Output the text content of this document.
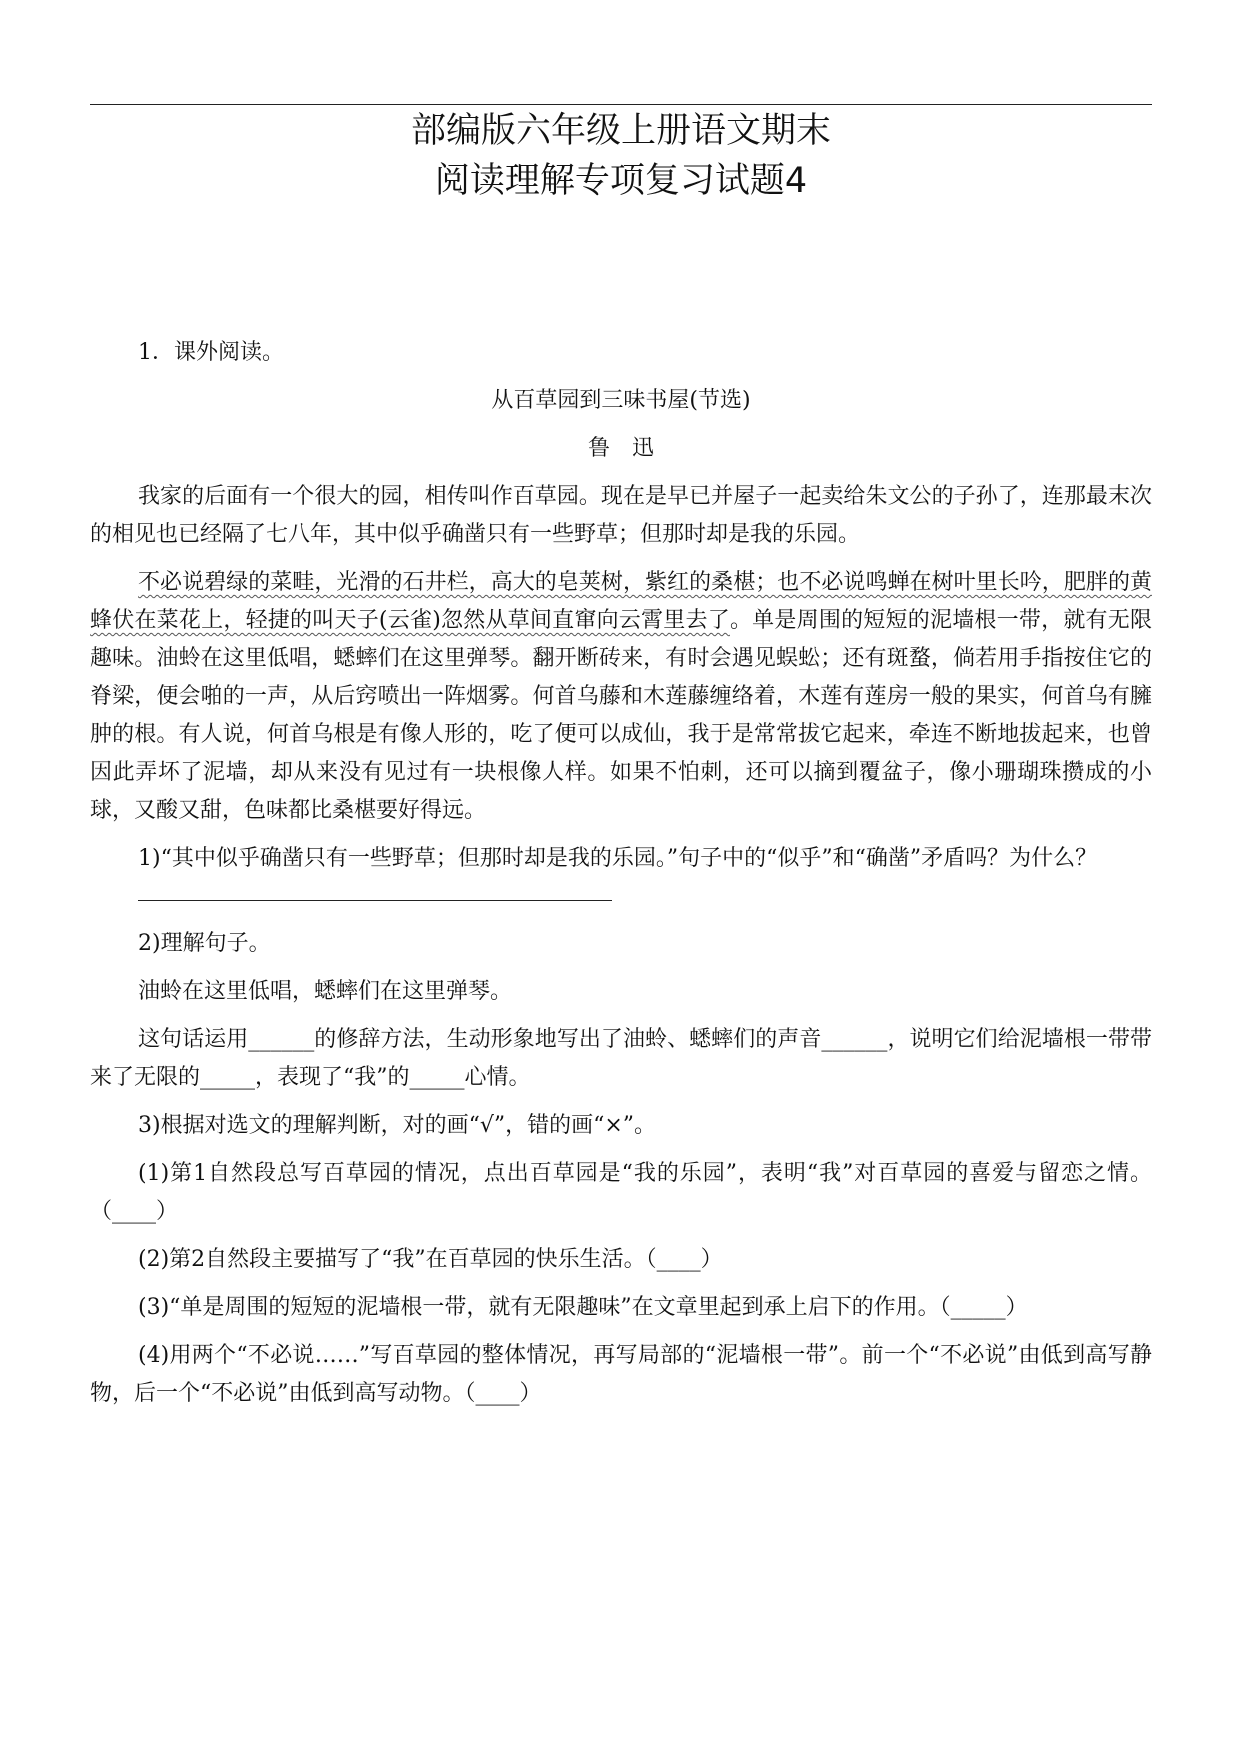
部编版六年级上册语文期末
阅读理解专项复习试题4

1．课外阅读。

从百草园到三味书屋(节选)

鲁　迅

我家的后面有一个很大的园，相传叫作百草园。现在是早已并屋子一起卖给朱文公的子孙了，连那最末次的相见也已经隔了七八年，其中似乎确凿只有一些野草；但那时却是我的乐园。

不必说碧绿的菜畦，光滑的石井栏，高大的皂荚树，紫红的桑椹；也不必说鸣蝉在树叶里长吟，肥胖的黄蜂伏在菜花上，轻捷的叫天子(云雀)忽然从草间直窜向云霄里去了。单是周围的短短的泥墙根一带，就有无限趣味。油蛉在这里低唱，蟋蟀们在这里弹琴。翻开断砖来，有时会遇见蜈蚣；还有斑蝥，倘若用手指按住它的脊梁，便会啪的一声，从后窍喷出一阵烟雾。何首乌藤和木莲藤缠络着，木莲有莲房一般的果实，何首乌有臃肿的根。有人说，何首乌根是有像人形的，吃了便可以成仙，我于是常常拔它起来，牵连不断地拔起来，也曾因此弄坏了泥墙，却从来没有见过有一块根像人样。如果不怕刺，还可以摘到覆盆子，像小珊瑚珠攒成的小球，又酸又甜，色味都比桑椹要好得远。

1)“其中似乎确凿只有一些野草；但那时却是我的乐园。”句子中的“似乎”和“确凿”矛盾吗？为什么？

2)理解句子。

油蛉在这里低唱，蟋蟀们在这里弹琴。

这句话运用______的修辞方法，生动形象地写出了油蛉、蟋蟀们的声音______，说明它们给泥墙根一带带来了无限的_____，表现了“我”的_____心情。

3)根据对选文的理解判断，对的画“√”，错的画“×”。

(1)第1自然段总写百草园的情况，点出百草园是“我的乐园”，表明“我”对百草园的喜爱与留恋之情。（____）

(2)第2自然段主要描写了“我”在百草园的快乐生活。（____）

(3)“单是周围的短短的泥墙根一带，就有无限趣味”在文章里起到承上启下的作用。（_____）

(4)用两个“不必说……”写百草园的整体情况，再写局部的“泥墙根一带”。前一个“不必说”由低到高写静物，后一个“不必说”由低到高写动物。（____）
